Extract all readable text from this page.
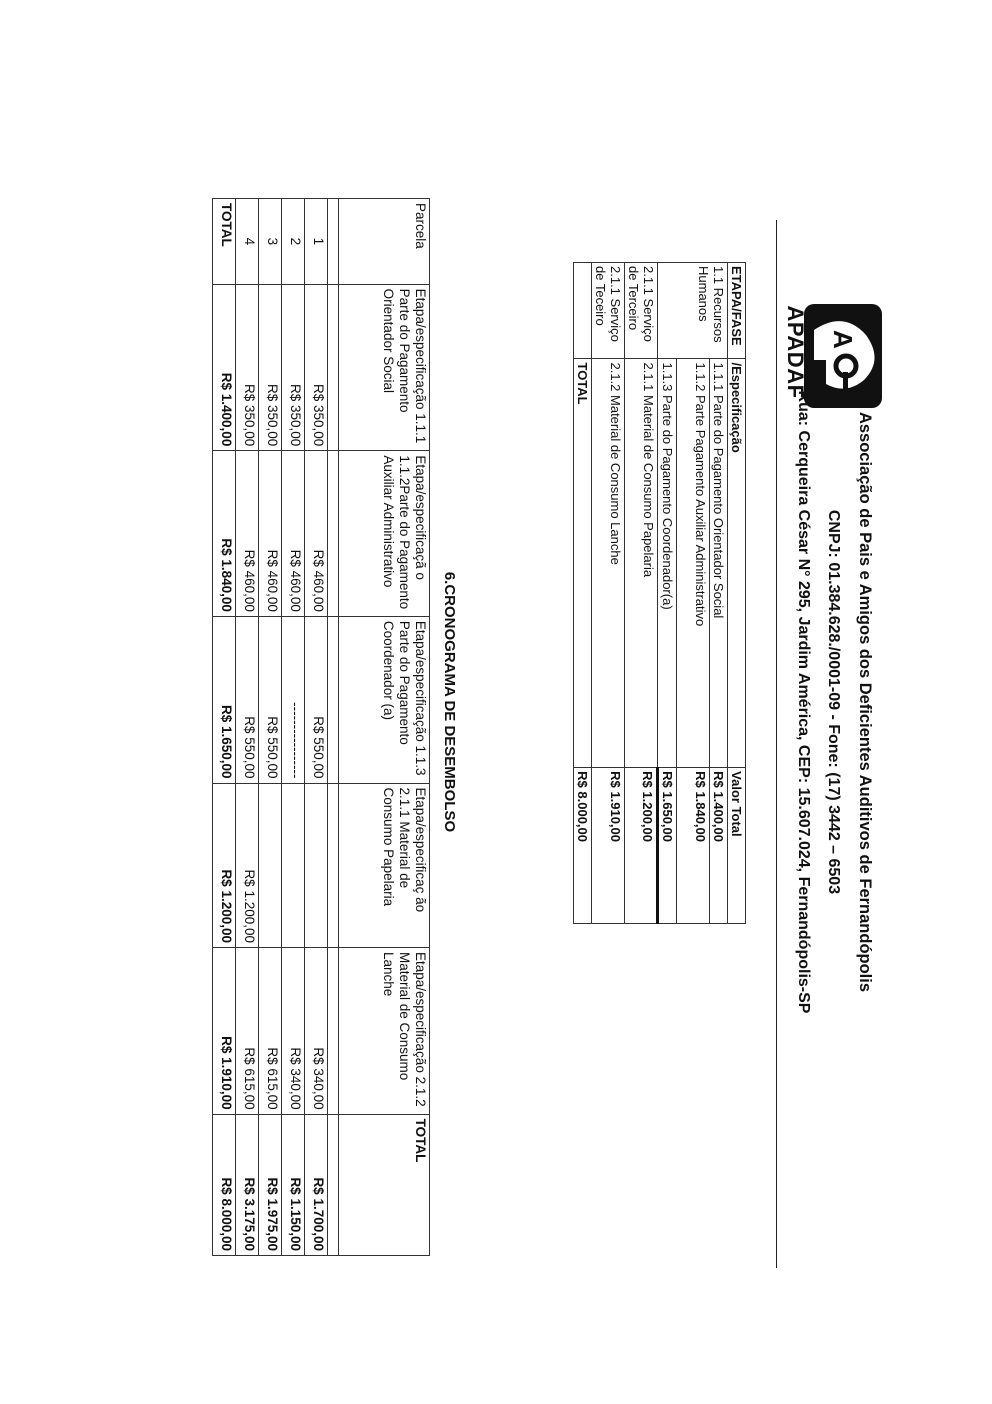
A
APADAF
Associação de Pais e Amigos dos Deficientes Auditivos de Fernandópolis
CNPJ: 01.384.628./0001-09 - Fone: (17) 3442 – 6503
Rua: Cerqueira César N° 295, Jardim América, CEP: 15.607.024, Fernandópolis-SP
ETAPA/FASE	/Especificação	Valor Total
1.1 Recursos Humanos	1.1.1 Parte do Pagamento Orientador Social	R$ 1.400,00
	1.1.2 Parte Pagamento Auxiliar Administrativo	R$ 1.840,00
	1.1.3 Parte do Pagamento Coordenador(a)	R$ 1.650,00
2.1.1 Serviço de Terceiro	2.1.1 Material de Consumo Papelaria	R$ 1.200,00
2.1.1 Serviço de Teceiro	2.1.2 Material de Consumo Lanche	R$ 1.910,00
	TOTAL	R$ 8.000,00
6.CRONOGRAMA DE DESEMBOLSO
Parcela	Etapa/especificação 1.1.1 Parte do Pagamento Orientador Social	Etapa/especificaçã o 1.1.2Parte do Pagamento Auxiliar Administrativo	Etapa/especificação 1.1.3 Parte do Pagamento Coordenador (a)	Etapa/especificaç ão 2.1.1 Material de Consumo Papelaria	Etapa/especificação 2.1.2 Material de Consumo Lanche	TOTAL

1	R$ 350,00	R$ 460,00	R$ 550,00		R$ 340,00	R$ 1.700,00
2	R$ 350,00	R$ 460,00	-----------------		R$ 340,00	R$ 1.150,00
3	R$ 350,00	R$ 460,00	R$ 550,00		R$ 615,00	R$ 1.975,00
4	R$ 350,00	R$ 460,00	R$ 550,00	R$ 1.200,00	R$ 615,00	R$ 3.175,00
TOTAL	R$ 1.400,00	R$ 1.840,00	R$ 1.650,00	R$ 1.200,00	R$ 1.910,00	R$ 8.000,00
